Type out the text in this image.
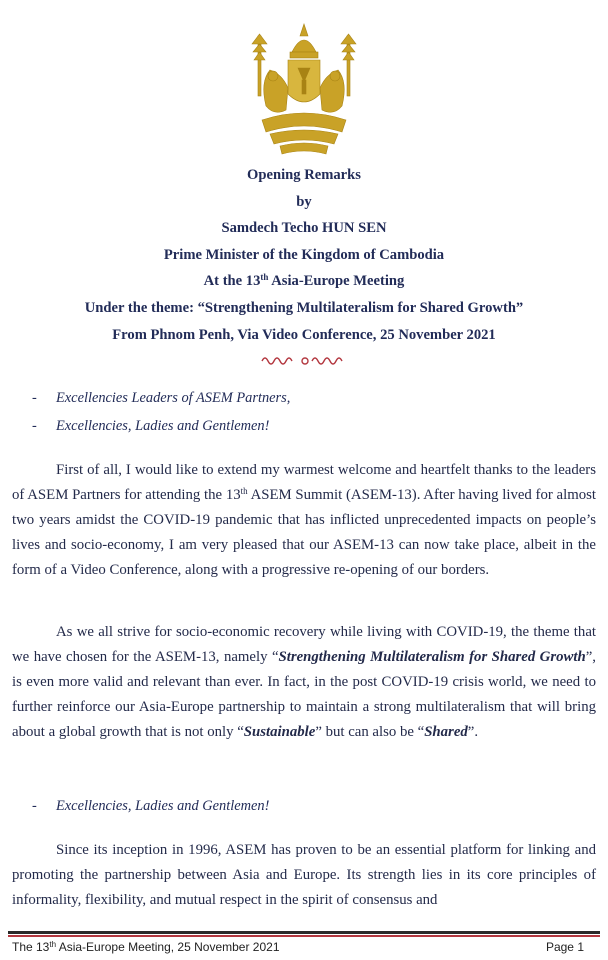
Opening Remarks
by
Samdech Techo HUN SEN
Prime Minister of the Kingdom of Cambodia
At the 13th Asia-Europe Meeting
Under the theme: “Strengthening Multilateralism for Shared Growth”
From Phnom Penh, Via Video Conference, 25 November 2021
- Excellencies Leaders of ASEM Partners,
- Excellencies, Ladies and Gentlemen!
First of all, I would like to extend my warmest welcome and heartfelt thanks to the leaders of ASEM Partners for attending the 13th ASEM Summit (ASEM-13). After having lived for almost two years amidst the COVID-19 pandemic that has inflicted unprecedented impacts on people’s lives and socio-economy, I am very pleased that our ASEM-13 can now take place, albeit in the form of a Video Conference, along with a progressive re-opening of our borders.
As we all strive for socio-economic recovery while living with COVID-19, the theme that we have chosen for the ASEM-13, namely “Strengthening Multilateralism for Shared Growth”, is even more valid and relevant than ever. In fact, in the post COVID-19 crisis world, we need to further reinforce our Asia-Europe partnership to maintain a strong multilateralism that will bring about a global growth that is not only “Sustainable” but can also be “Shared”.
- Excellencies, Ladies and Gentlemen!
Since its inception in 1996, ASEM has proven to be an essential platform for linking and promoting the partnership between Asia and Europe. Its strength lies in its core principles of informality, flexibility, and mutual respect in the spirit of consensus and
The 13th Asia-Europe Meeting, 25 November 2021	Page 1
